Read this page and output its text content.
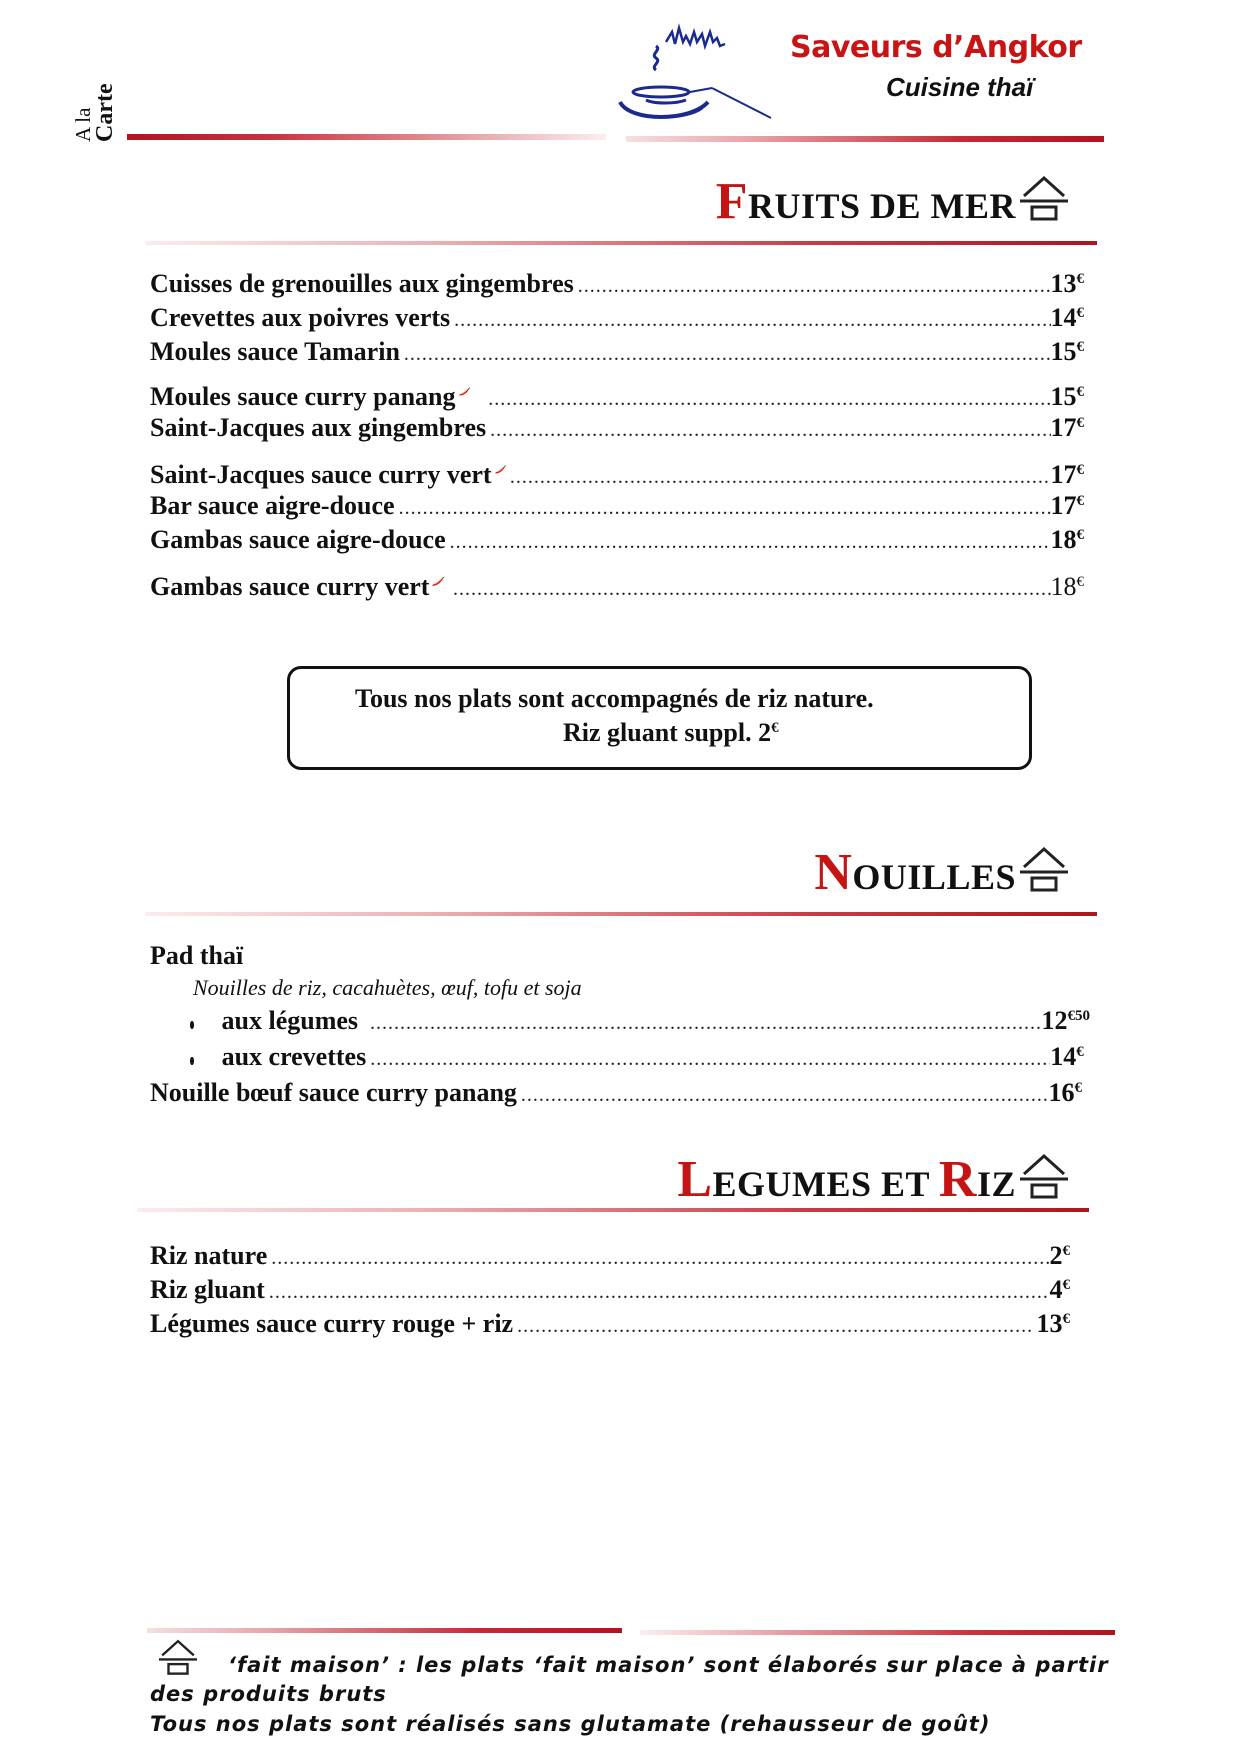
A la
Carte
Saveurs d’Angkor
Cuisine thaï
FRUITS DE MER
Cuisses de grenouilles aux gingembres .....	13€
Crevettes aux poivres verts .....	14€
Moules sauce Tamarin .....	15€
Moules sauce curry panang .....	15€
Saint-Jacques aux gingembres .....	17€
Saint-Jacques sauce curry vert .....	17€
Bar sauce aigre-douce .....	17€
Gambas sauce aigre-douce .....	18€
Gambas sauce curry vert .....	18€
Tous nos plats sont accompagnés de riz nature.
Riz gluant suppl. 2€
NOUILLES
Pad thaï
Nouilles de riz, cacahuètes, œuf, tofu et soja
aux légumes .....	$12^{€50}$
aux crevettes .....	14€
Nouille bœuf sauce curry panang .....	16€
LEGUMES ET RIZ
Riz nature .....	2€
Riz gluant .....	4€
Légumes sauce curry rouge + riz .....	13€
‘fait maison’ : les plats ‘fait maison’ sont élaborés sur place à partir
des produits bruts
Tous nos plats sont réalisés sans glutamate (rehausseur de goût)
